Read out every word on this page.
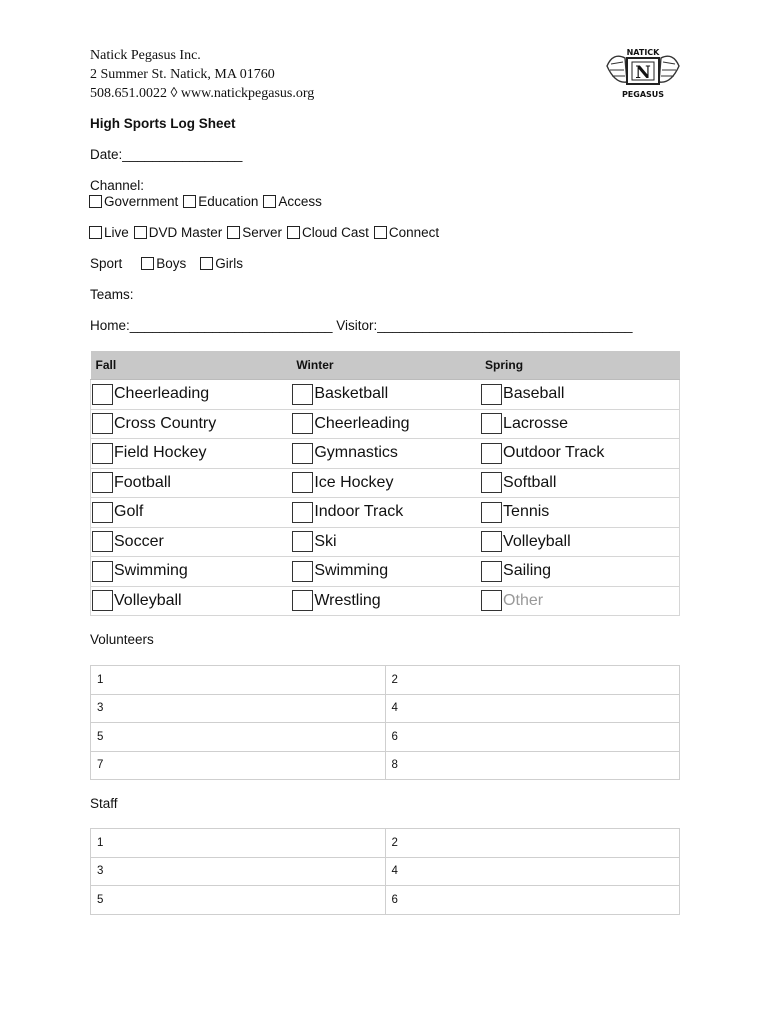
Natick Pegasus Inc.
2 Summer St. Natick, MA 01760
508.651.0022 ◊ www.natickpegasus.org
N
NATICK
PEGASUS
High Sports Log Sheet
Date:________________
Channel:
Government Education Access
Live DVD Master Server Cloud Cast Connect
Sport	Boys Girls
Teams:
Home:___________________________ Visitor:__________________________________
Fall	Winter	Spring

Cheerleading	Basketball	Baseball

Cross Country	Cheerleading	Lacrosse

Field Hockey	Gymnastics	Outdoor Track

Football	Ice Hockey	Softball

Golf	Indoor Track	Tennis

Soccer	Ski	Volleyball

Swimming	Swimming	Sailing

Volleyball	Wrestling	Other
Volunteers
1	2
3	4
5	6
7	8
Staff
1	2
3	4
5	6
